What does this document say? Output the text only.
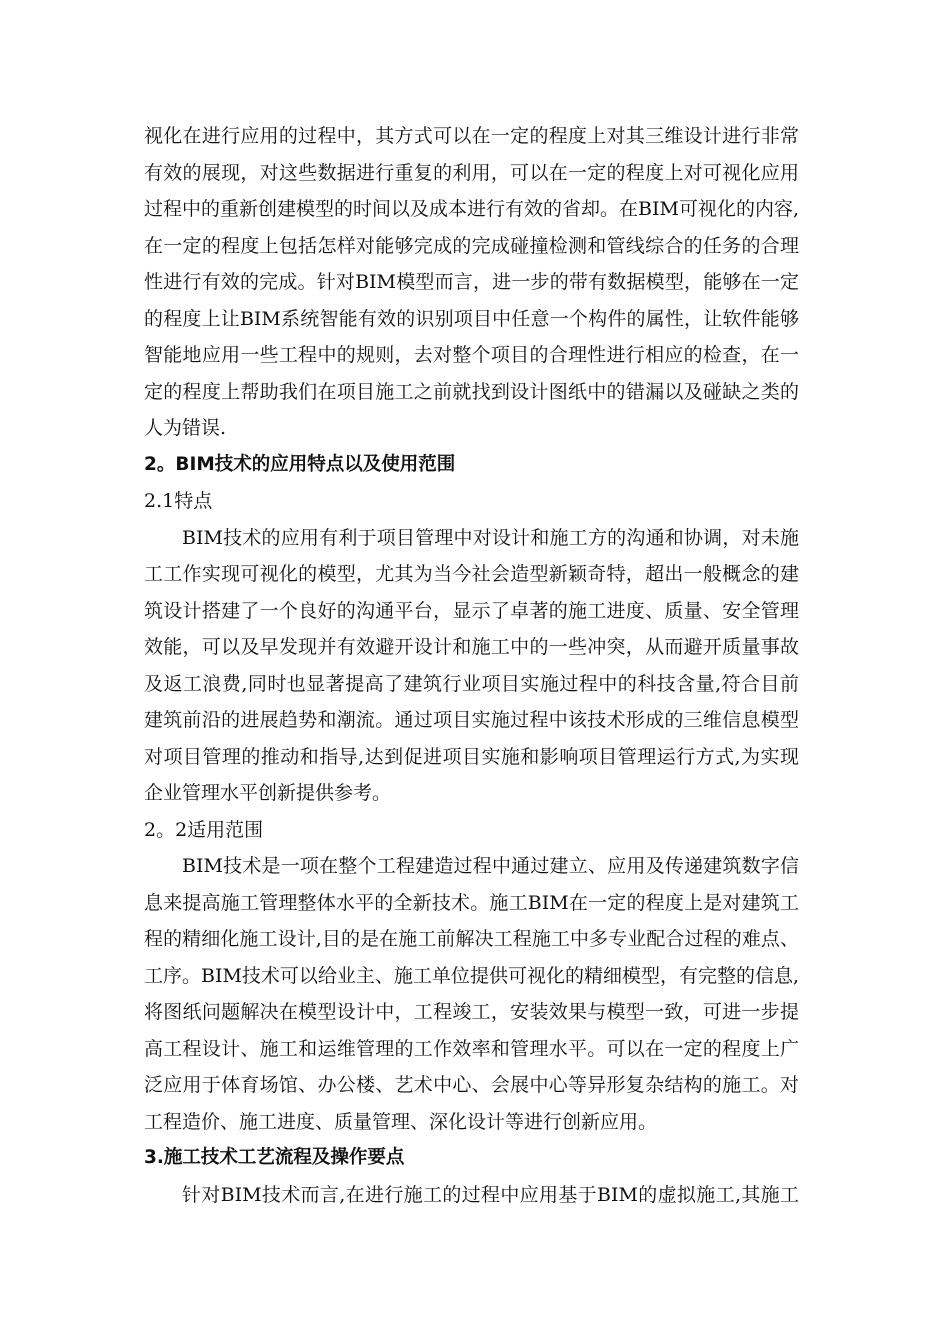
视化在进行应用的过程中，其方式可以在一定的程度上对其三维设计进行非常
有效的展现，对这些数据进行重复的利用，可以在一定的程度上对可视化应用
过程中的重新创建模型的时间以及成本进行有效的省却。在BIM可视化的内容,
在一定的程度上包括怎样对能够完成的完成碰撞检测和管线综合的任务的合理
性进行有效的完成。针对BIM模型而言，进一步的带有数据模型，能够在一定
的程度上让BIM系统智能有效的识别项目中任意一个构件的属性，让软件能够
智能地应用一些工程中的规则，去对整个项目的合理性进行相应的检查，在一
定的程度上帮助我们在项目施工之前就找到设计图纸中的错漏以及碰缺之类的
人为错误.
2。BIM技术的应用特点以及使用范围
2.1特点
BIM技术的应用有利于项目管理中对设计和施工方的沟通和协调，对未施
工工作实现可视化的模型，尤其为当今社会造型新颖奇特，超出一般概念的建
筑设计搭建了一个良好的沟通平台，显示了卓著的施工进度、质量、安全管理
效能，可以及早发现并有效避开设计和施工中的一些冲突，从而避开质量事故
及返工浪费,同时也显著提高了建筑行业项目实施过程中的科技含量,符合目前
建筑前沿的进展趋势和潮流。通过项目实施过程中该技术形成的三维信息模型
对项目管理的推动和指导,达到促进项目实施和影响项目管理运行方式,为实现
企业管理水平创新提供参考。
2。2适用范围
BIM技术是一项在整个工程建造过程中通过建立、应用及传递建筑数字信
息来提高施工管理整体水平的全新技术。施工BIM在一定的程度上是对建筑工
程的精细化施工设计,目的是在施工前解决工程施工中多专业配合过程的难点、
工序。BIM技术可以给业主、施工单位提供可视化的精细模型，有完整的信息,
将图纸问题解决在模型设计中，工程竣工，安装效果与模型一致，可进一步提
高工程设计、施工和运维管理的工作效率和管理水平。可以在一定的程度上广
泛应用于体育场馆、办公楼、艺术中心、会展中心等异形复杂结构的施工。对
工程造价、施工进度、质量管理、深化设计等进行创新应用。
3.施工技术工艺流程及操作要点
针对BIM技术而言,在进行施工的过程中应用基于BIM的虚拟施工,其施工
